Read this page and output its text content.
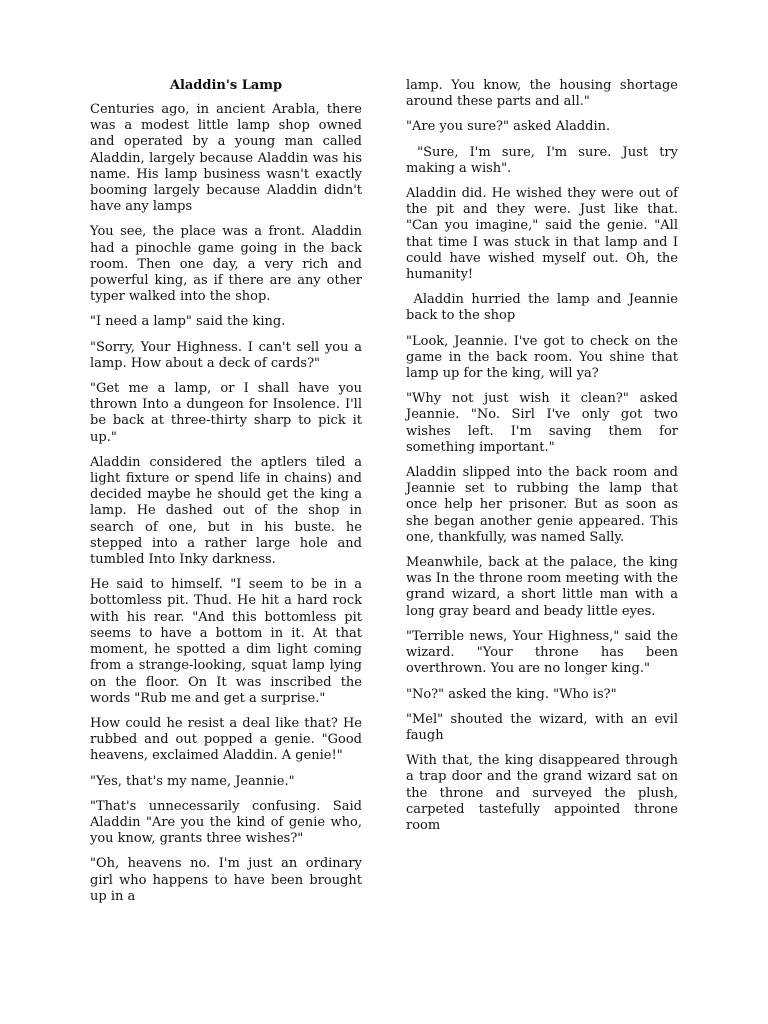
Aladdin's Lamp

Centuries ago, in ancient Arabla, there was a modest little lamp shop owned and operated by a young man called Aladdin, largely because Aladdin was his name. His lamp business wasn't exactly booming largely because Aladdin didn't have any lamps

You see, the place was a front. Aladdin had a pinochle game going in the back room. Then one day, a very rich and powerful king, as if there are any other typer walked into the shop.

"I need a lamp" said the king.

"Sorry, Your Highness. I can't sell you a lamp. How about a deck of cards?"

"Get me a lamp, or I shall have you thrown Into a dungeon for Insolence. I'll be back at three-thirty sharp to pick it up."

Aladdin considered the aptlers tiled a light fixture or spend life in chains) and decided maybe he should get the king a lamp. He dashed out of the shop in search of one, but in his buste. he stepped into a rather large hole and tumbled Into Inky darkness.

He said to himself. "I seem to be in a bottomless pit. Thud. He hit a hard rock with his rear. "And this bottomless pit seems to have a bottom in it. At that moment, he spotted a dim light coming from a strange-looking, squat lamp lying on the floor. On It was inscribed the words "Rub me and get a surprise."

How could he resist a deal like that? He rubbed and out popped a genie. "Good heavens, exclaimed Aladdin. A genie!"

"Yes, that's my name, Jeannie."

"That's unnecessarily confusing. Said Aladdin "Are you the kind of genie who, you know, grants three wishes?"

"Oh, heavens no. I'm just an ordinary girl who happens to have been brought up in a

lamp. You know, the housing shortage around these parts and all."

"Are you sure?" asked Aladdin.

"Sure, I'm sure, I'm sure. Just try making a wish".

Aladdin did. He wished they were out of the pit and they were. Just like that. "Can you imagine," said the genie. "All that time I was stuck in that lamp and I could have wished myself out. Oh, the humanity!

Aladdin hurried the lamp and Jeannie back to the shop

"Look, Jeannie. I've got to check on the game in the back room. You shine that lamp up for the king, will ya?

"Why not just wish it clean?" asked Jeannie. "No. Sirl I've only got two wishes left. I'm saving them for something important."

Aladdin slipped into the back room and Jeannie set to rubbing the lamp that once help her prisoner. But as soon as she began another genie appeared. This one, thankfully, was named Sally.

Meanwhile, back at the palace, the king was In the throne room meeting with the grand wizard, a short little man with a long gray beard and beady little eyes.

"Terrible news, Your Highness," said the wizard. "Your throne has been overthrown. You are no longer king."

"No?" asked the king. "Who is?"

"Mel" shouted the wizard, with an evil faugh

With that, the king disappeared through a trap door and the grand wizard sat on the throne and surveyed the plush, carpeted tastefully appointed throne room
